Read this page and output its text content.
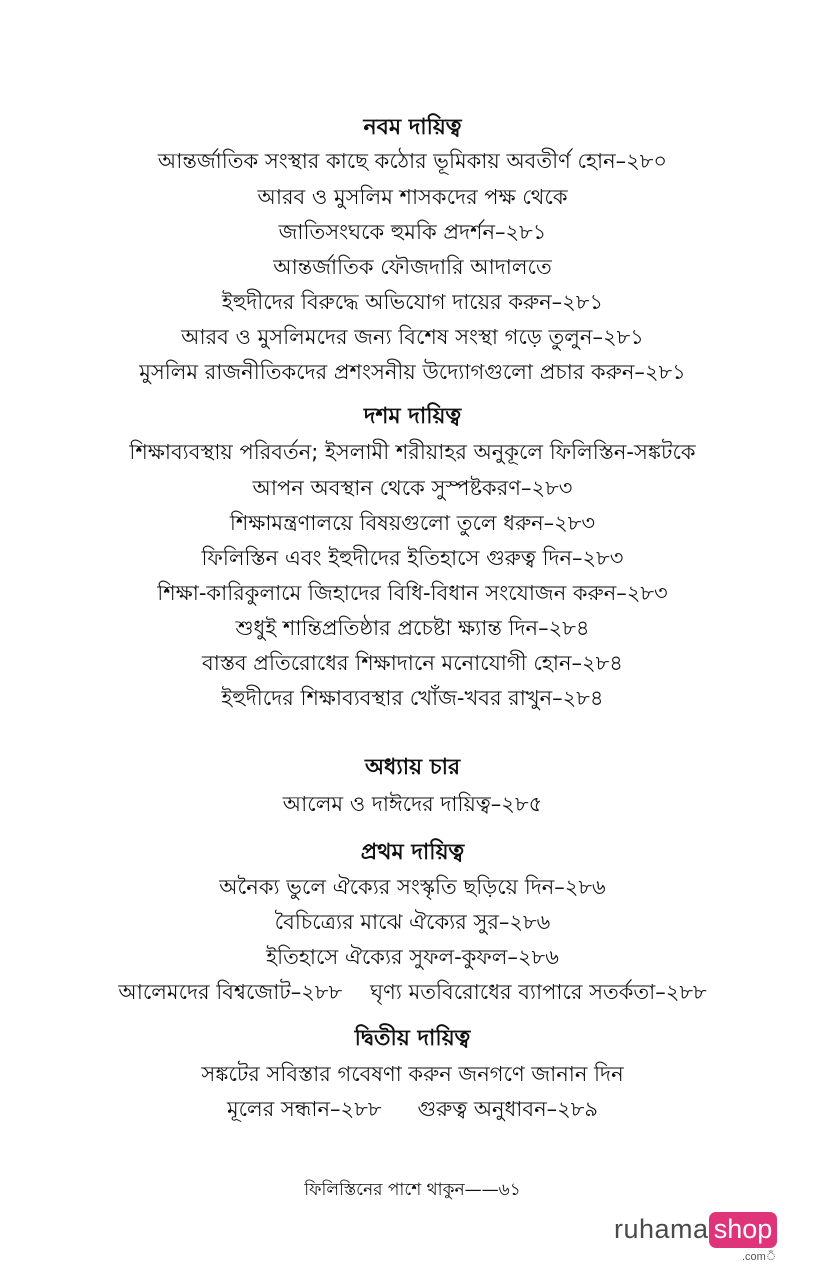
নবম দায়িত্ব
আন্তর্জাতিক সংস্থার কাছে কঠোর ভূমিকায় অবতীর্ণ হোন–২৮০
আরব ও মুসলিম শাসকদের পক্ষ থেকে
জাতিসংঘকে হুমকি প্রদর্শন–২৮১
আন্তর্জাতিক ফৌজদারি আদালতে
ইহুদীদের বিরুদ্ধে অভিযোগ দায়ের করুন–২৮১
আরব ও মুসলিমদের জন্য বিশেষ সংস্থা গড়ে তুলুন–২৮১
মুসলিম রাজনীতিকদের প্রশংসনীয় উদ্যোগগুলো প্রচার করুন–২৮১
দশম দায়িত্ব
শিক্ষাব্যবস্থায় পরিবর্তন; ইসলামী শরীয়াহর অনুকূলে ফিলিস্তিন-সঙ্কটকে
আপন অবস্থান থেকে সুস্পষ্টকরণ–২৮৩
শিক্ষামন্ত্রণালয়ে বিষয়গুলো তুলে ধরুন–২৮৩
ফিলিস্তিন এবং ইহুদীদের ইতিহাসে গুরুত্ব দিন–২৮৩
শিক্ষা-কারিকুলামে জিহাদের বিধি-বিধান সংযোজন করুন–২৮৩
শুধুই শান্তিপ্রতিষ্ঠার প্রচেষ্টা ক্ষ্যান্ত দিন–২৮৪
বাস্তব প্রতিরোধের শিক্ষাদানে মনোযোগী হোন–২৮৪
ইহুদীদের শিক্ষাব্যবস্থার খোঁজ-খবর রাখুন–২৮৪
অধ্যায় চার
আলেম ও দাঈদের দায়িত্ব–২৮৫
প্রথম দায়িত্ব
অনৈক্য ভুলে ঐক্যের সংস্কৃতি ছড়িয়ে দিন–২৮৬
বৈচিত্র্যের মাঝে ঐক্যের সুর–২৮৬
ইতিহাসে ঐক্যের সুফল-কুফল–২৮৬
আলেমদের বিশ্বজোট–২৮৮ ঘৃণ্য মতবিরোধের ব্যাপারে সতর্কতা–২৮৮
দ্বিতীয় দায়িত্ব
সঙ্কটের সবিস্তার গবেষণা করুন জনগণে জানান দিন
মূলের সন্ধান–২৮৮ গুরুত্ব অনুধাবন–২৮৯
ফিলিস্তিনের পাশে থাকুন——৬১
ruhama shop
.comঁ
